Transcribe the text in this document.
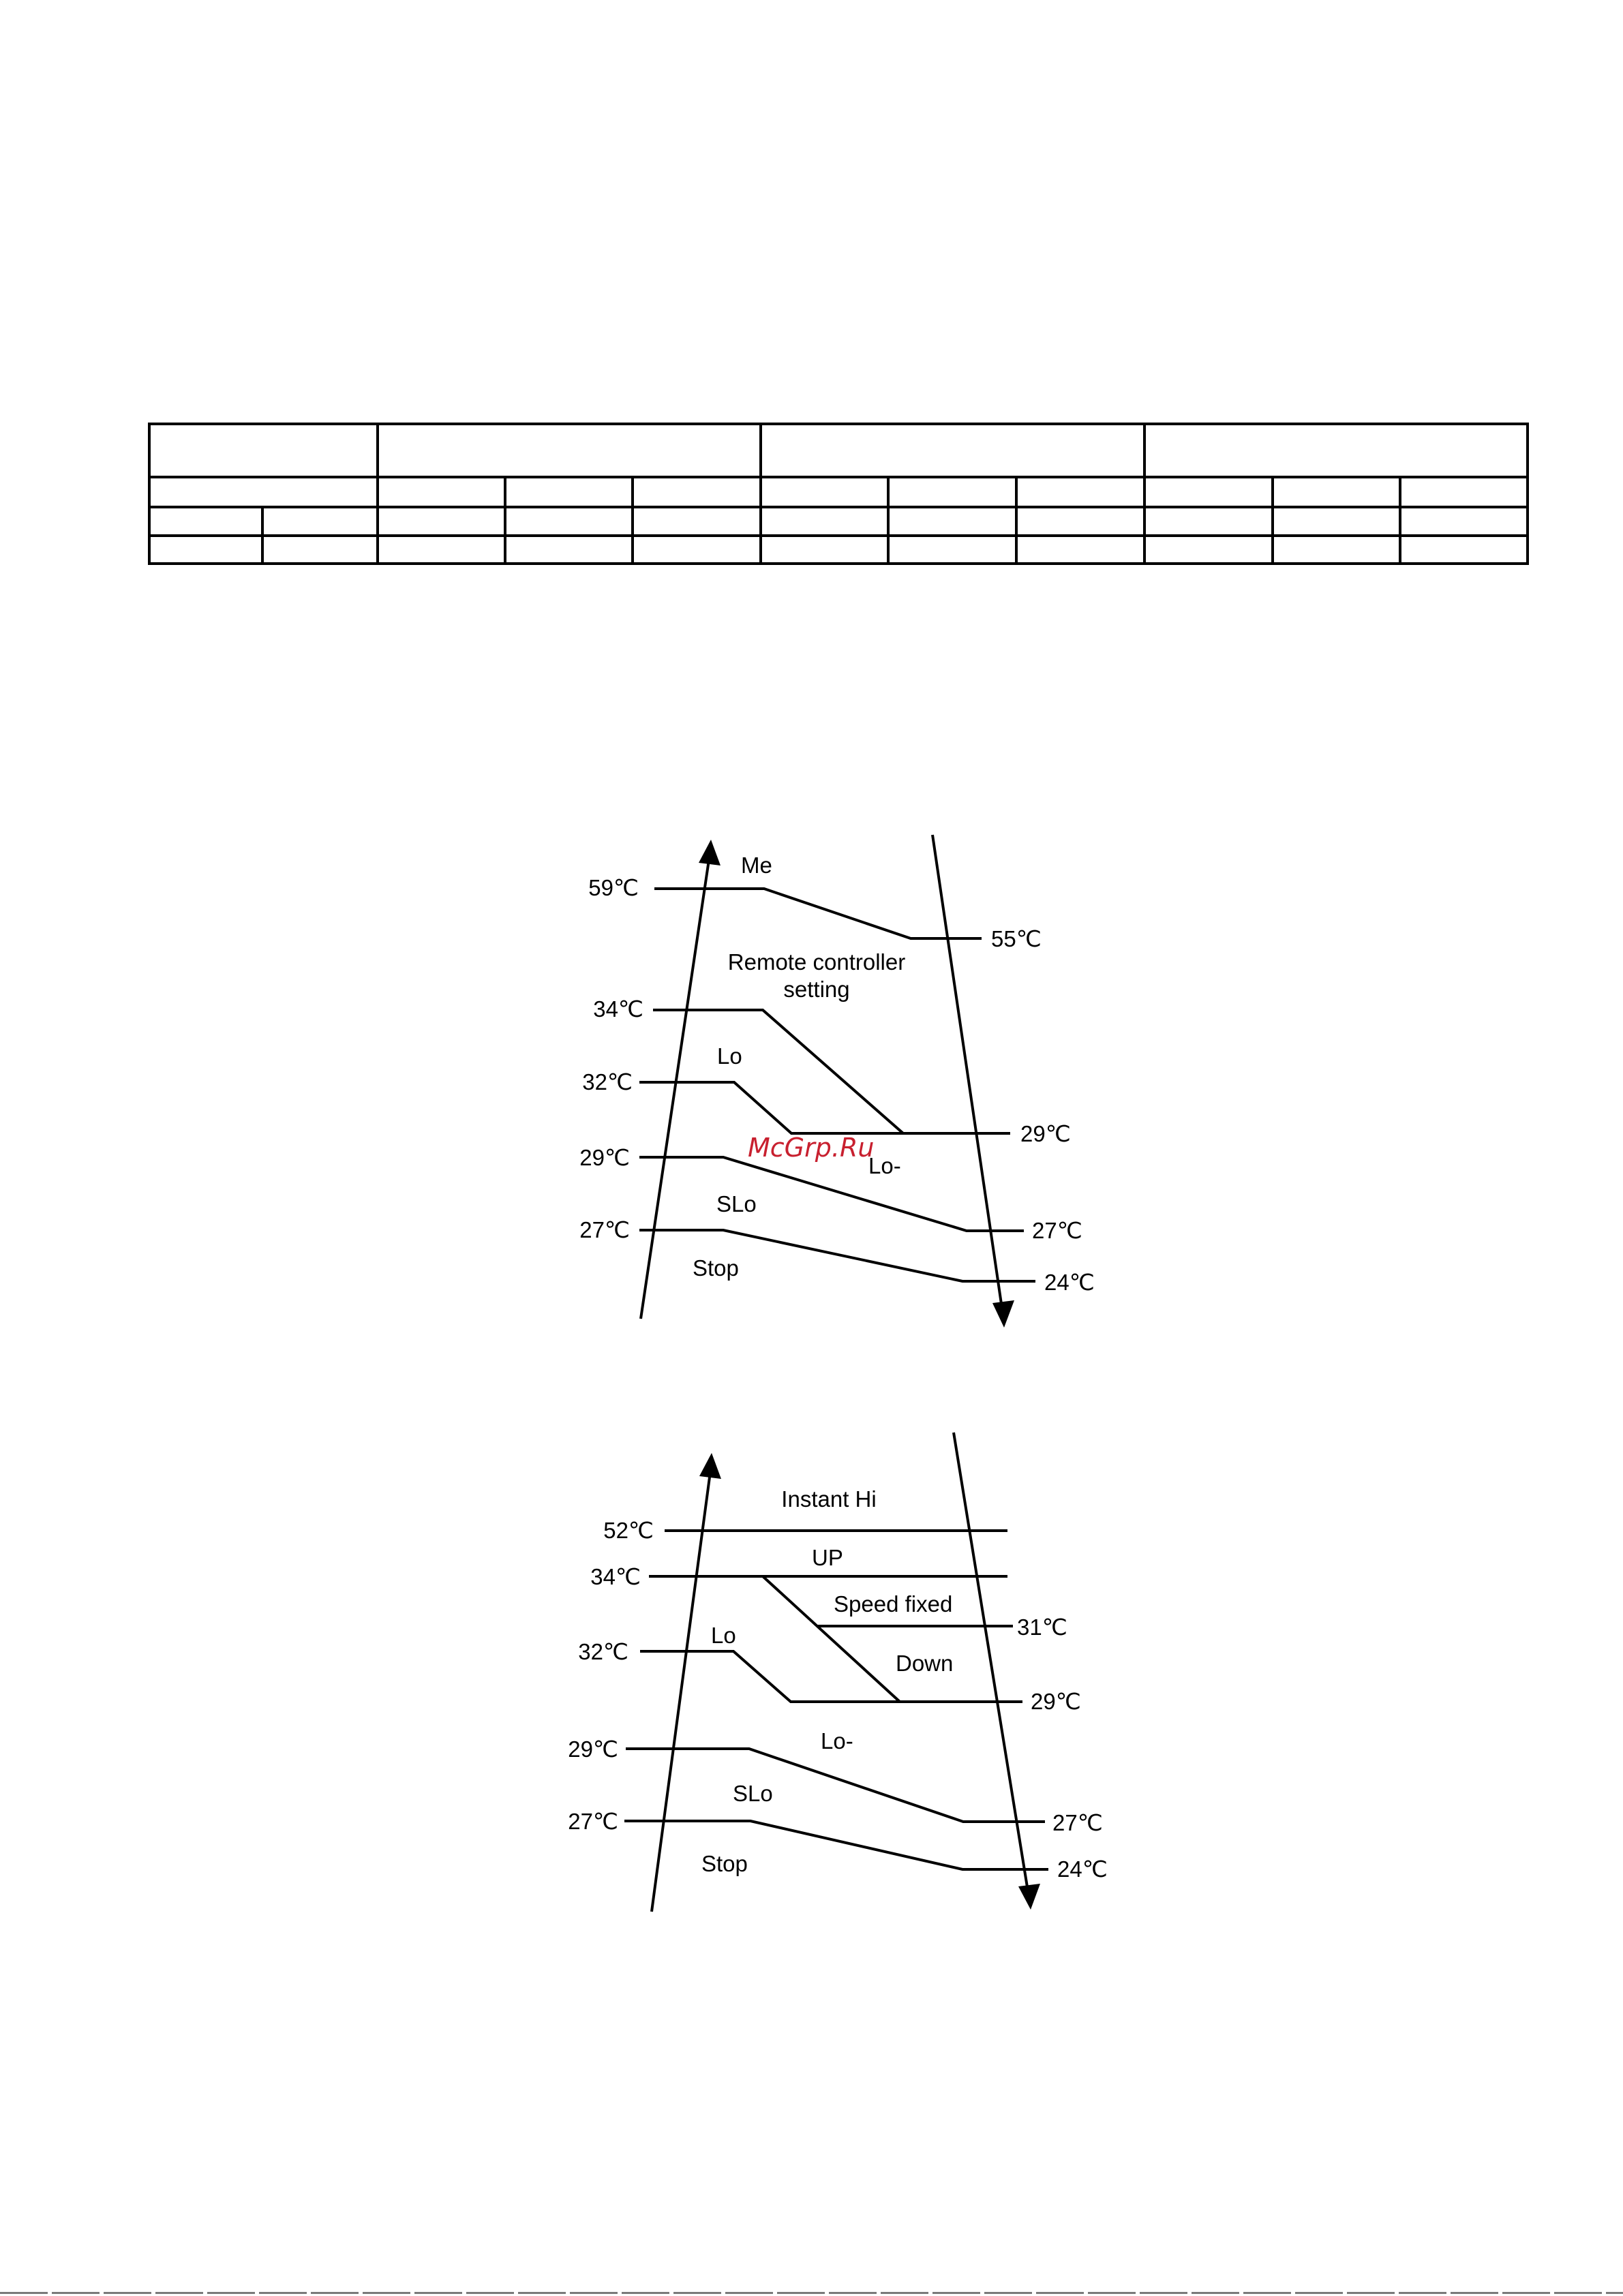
59℃
34℃
32℃
29℃
27℃
55℃
29℃
27℃
24℃
Me
Remote controller
setting
Lo
Lo-
SLo
Stop
McGrp.Ru
52℃
34℃
32℃
29℃
27℃
31℃
29℃
27℃
24℃
Instant Hi
UP
Speed fixed
Lo
Down
Lo-
SLo
Stop
